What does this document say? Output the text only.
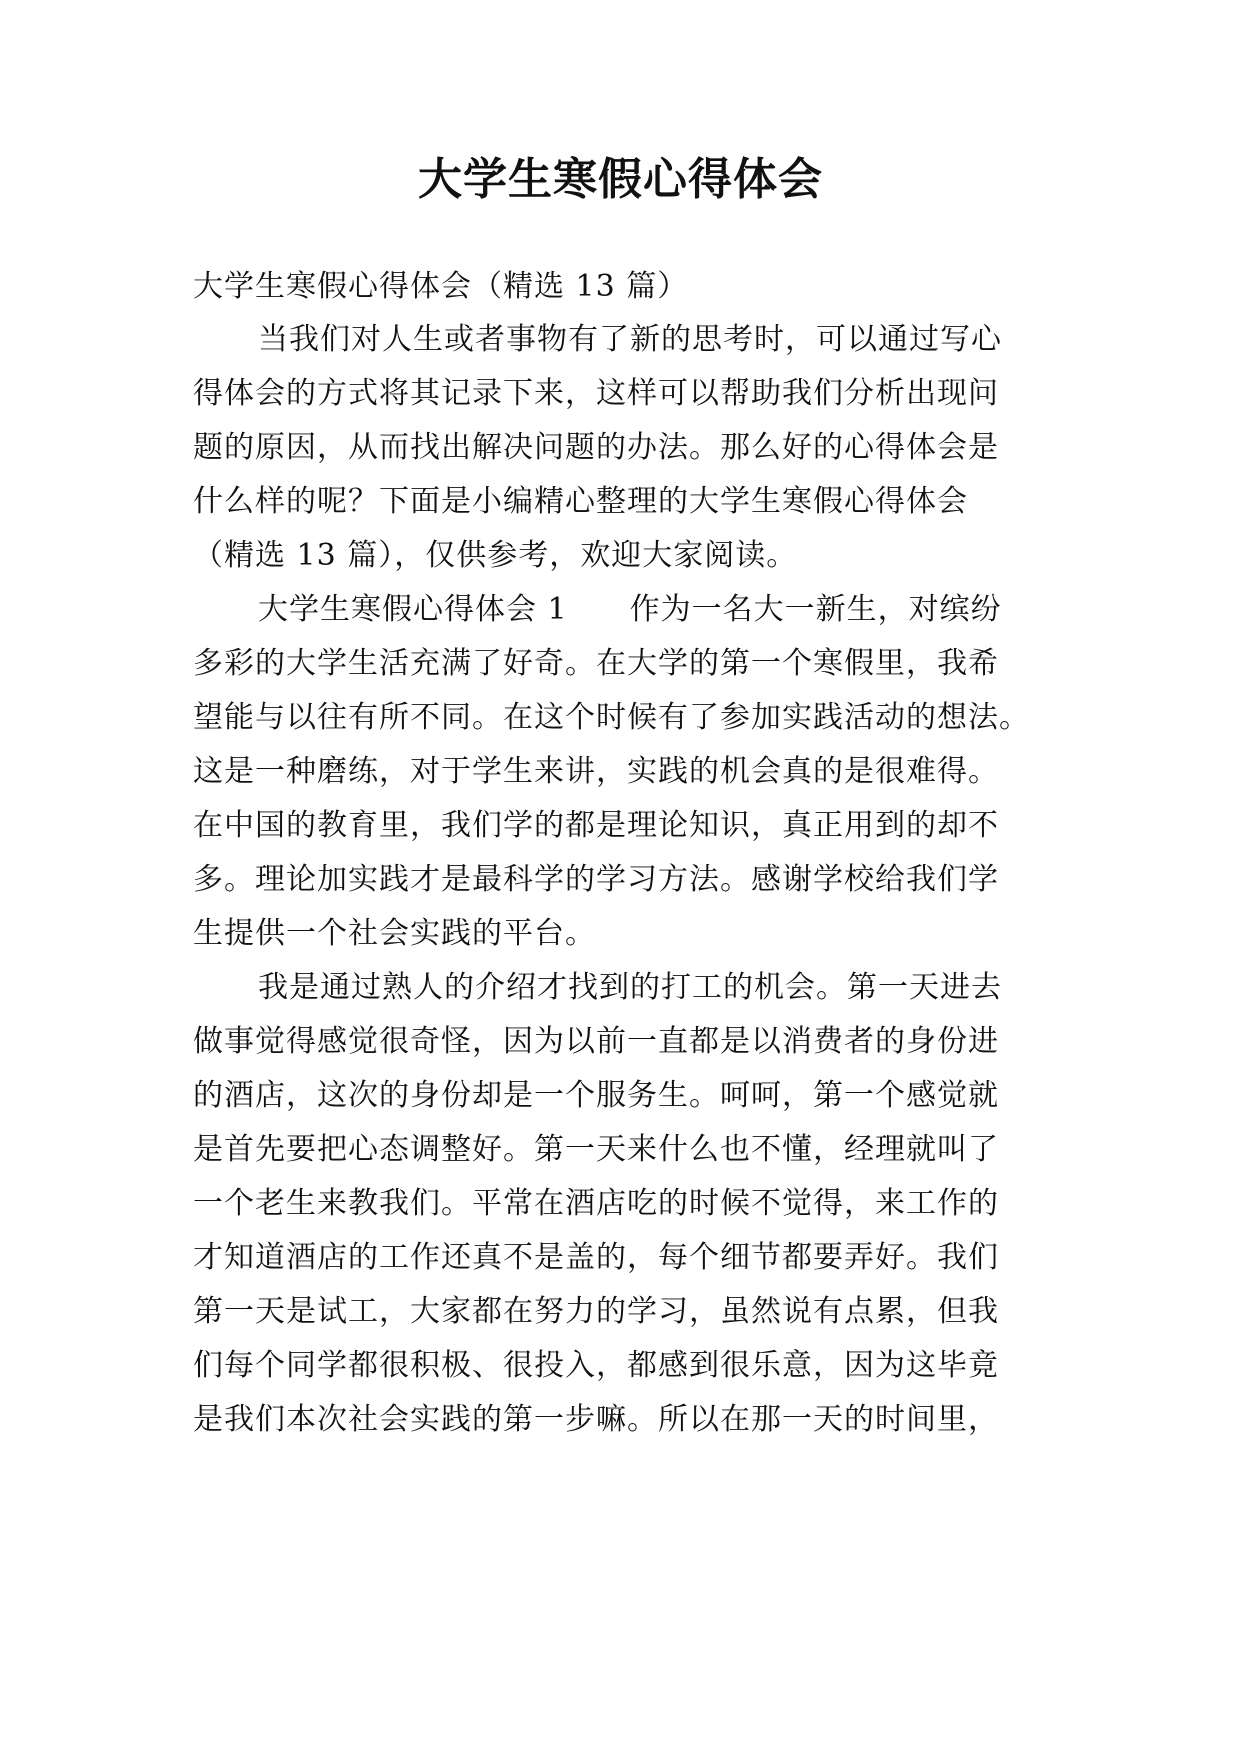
大学生寒假心得体会

大学生寒假心得体会（精选 13 篇）

当我们对人生或者事物有了新的思考时，可以通过写心

得体会的方式将其记录下来，这样可以帮助我们分析出现问

题的原因，从而找出解决问题的办法。那么好的心得体会是

什么样的呢？下面是小编精心整理的大学生寒假心得体会

（精选 13 篇），仅供参考，欢迎大家阅读。

大学生寒假心得体会 1　　作为一名大一新生，对缤纷

多彩的大学生活充满了好奇。在大学的第一个寒假里，我希

望能与以往有所不同。在这个时候有了参加实践活动的想法。

这是一种磨练，对于学生来讲，实践的机会真的是很难得。

在中国的教育里，我们学的都是理论知识，真正用到的却不

多。理论加实践才是最科学的学习方法。感谢学校给我们学

生提供一个社会实践的平台。

我是通过熟人的介绍才找到的打工的机会。第一天进去

做事觉得感觉很奇怪，因为以前一直都是以消费者的身份进

的酒店，这次的身份却是一个服务生。呵呵，第一个感觉就

是首先要把心态调整好。第一天来什么也不懂，经理就叫了

一个老生来教我们。平常在酒店吃的时候不觉得，来工作的

才知道酒店的工作还真不是盖的，每个细节都要弄好。我们

第一天是试工，大家都在努力的学习，虽然说有点累，但我

们每个同学都很积极、很投入，都感到很乐意，因为这毕竟

是我们本次社会实践的第一步嘛。所以在那一天的时间里，
